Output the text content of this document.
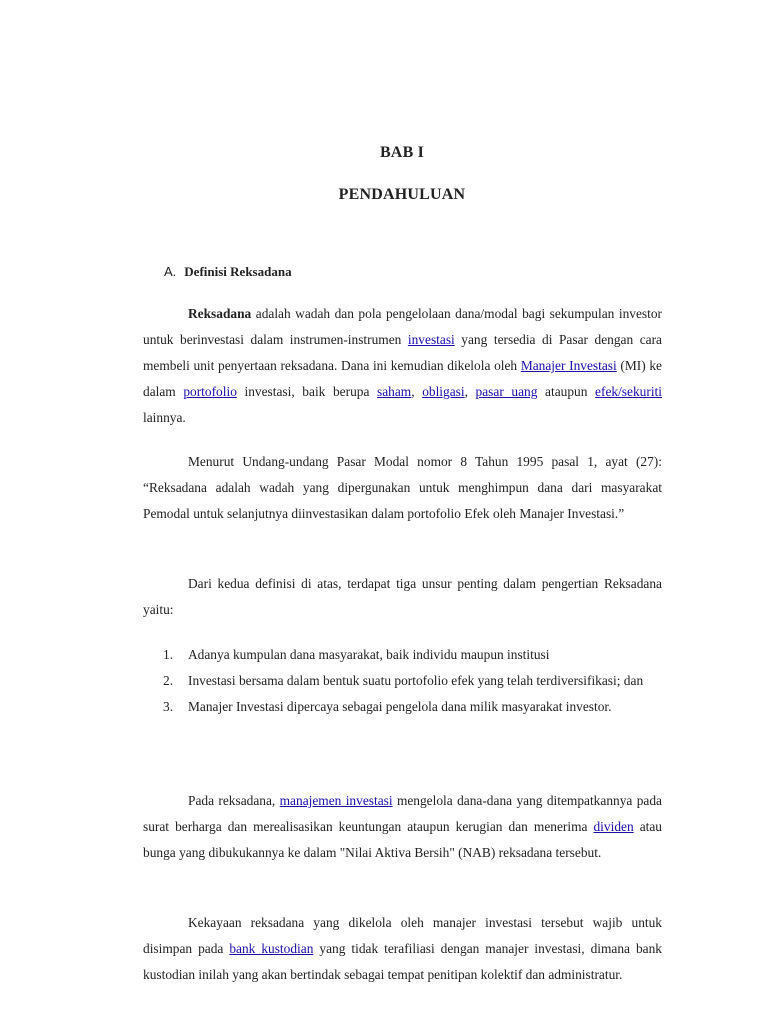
BAB I
PENDAHULUAN
A. Definisi Reksadana
Reksadana adalah wadah dan pola pengelolaan dana/modal bagi sekumpulan investor untuk berinvestasi dalam instrumen-instrumen investasi yang tersedia di Pasar dengan cara membeli unit penyertaan reksadana. Dana ini kemudian dikelola oleh Manajer Investasi (MI) ke dalam portofolio investasi, baik berupa saham, obligasi, pasar uang ataupun efek/sekuriti lainnya.
Menurut Undang-undang Pasar Modal nomor 8 Tahun 1995 pasal 1, ayat (27): “Reksadana adalah wadah yang dipergunakan untuk menghimpun dana dari masyarakat Pemodal untuk selanjutnya diinvestasikan dalam portofolio Efek oleh Manajer Investasi.”
Dari kedua definisi di atas, terdapat tiga unsur penting dalam pengertian Reksadana yaitu:
1. Adanya kumpulan dana masyarakat, baik individu maupun institusi
2. Investasi bersama dalam bentuk suatu portofolio efek yang telah terdiversifikasi; dan
3. Manajer Investasi dipercaya sebagai pengelola dana milik masyarakat investor.
Pada reksadana, manajemen investasi mengelola dana-dana yang ditempatkannya pada surat berharga dan merealisasikan keuntungan ataupun kerugian dan menerima dividen atau bunga yang dibukukannya ke dalam "Nilai Aktiva Bersih" (NAB) reksadana tersebut.
Kekayaan reksadana yang dikelola oleh manajer investasi tersebut wajib untuk disimpan pada bank kustodian yang tidak terafiliasi dengan manajer investasi, dimana bank kustodian inilah yang akan bertindak sebagai tempat penitipan kolektif dan administratur.
